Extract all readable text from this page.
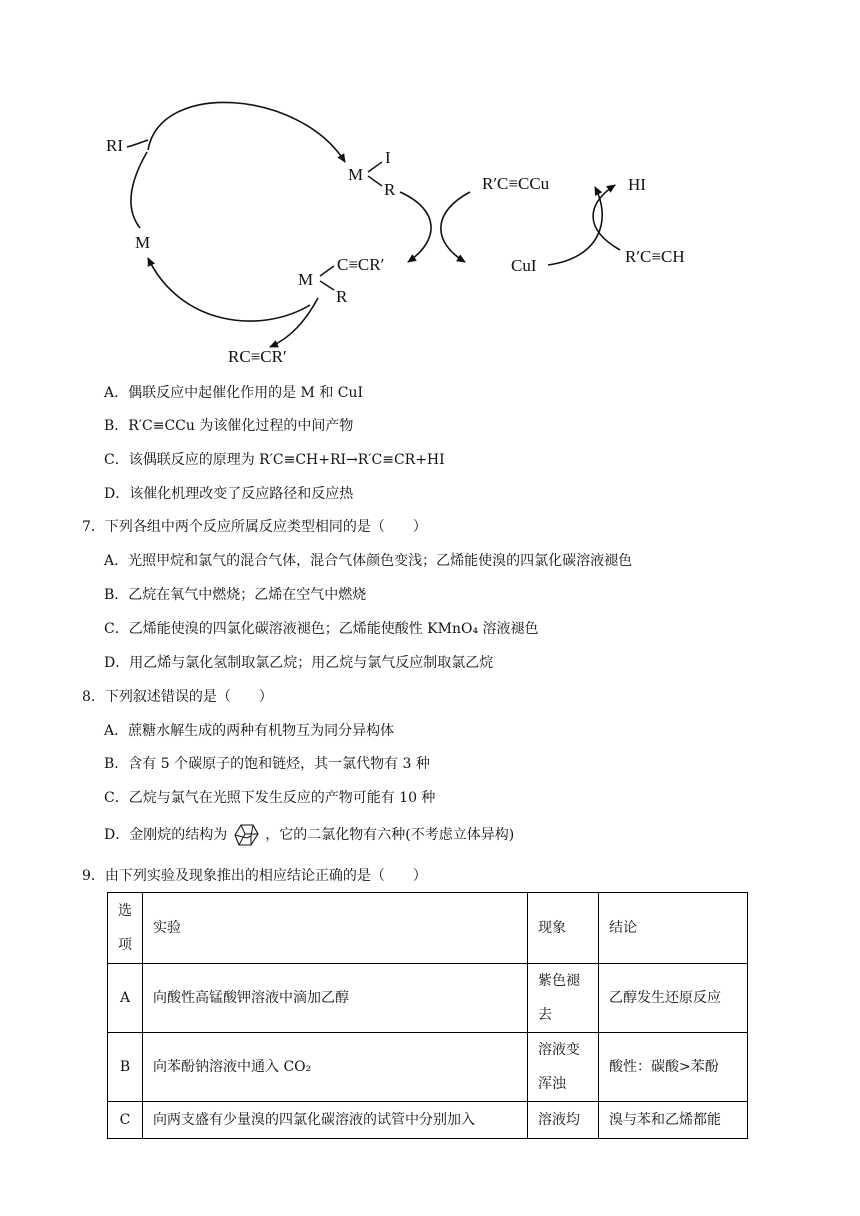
RI
M
I
R
M
M
C≡CR′
R
RC≡CR′
R′C≡CCu
CuI
HI
R′C≡CH
A．偶联反应中起催化作用的是 M 和 CuI
B．R′C≡CCu 为该催化过程的中间产物
C．该偶联反应的原理为 R′C≡CH+RI→R′C≡CR+HI
D．该催化机理改变了反应路径和反应热
7．下列各组中两个反应所属反应类型相同的是（　　）
A．光照甲烷和氯气的混合气体，混合气体颜色变浅；乙烯能使溴的四氯化碳溶液褪色
B．乙烷在氧气中燃烧；乙烯在空气中燃烧
C．乙烯能使溴的四氯化碳溶液褪色；乙烯能使酸性 KMnO₄ 溶液褪色
D．用乙烯与氯化氢制取氯乙烷；用乙烷与氯气反应制取氯乙烷
8．下列叙述错误的是（　　）
A．蔗糖水解生成的两种有机物互为同分异构体
B．含有 5 个碳原子的饱和链烃，其一氯代物有 3 种
C．乙烷与氯气在光照下发生反应的产物可能有 10 种
D．金刚烷的结构为	，它的二氯化物有六种(不考虑立体异构)
9．由下列实验及现象推出的相应结论正确的是（　　）
选项	实验	现象	结论
A	向酸性高锰酸钾溶液中滴加乙醇	紫色褪去	乙醇发生还原反应
B	向苯酚钠溶液中通入 CO₂	溶液变浑浊	酸性：碳酸>苯酚
C	向两支盛有少量溴的四氯化碳溶液的试管中分别加入	溶液均	溴与苯和乙烯都能
